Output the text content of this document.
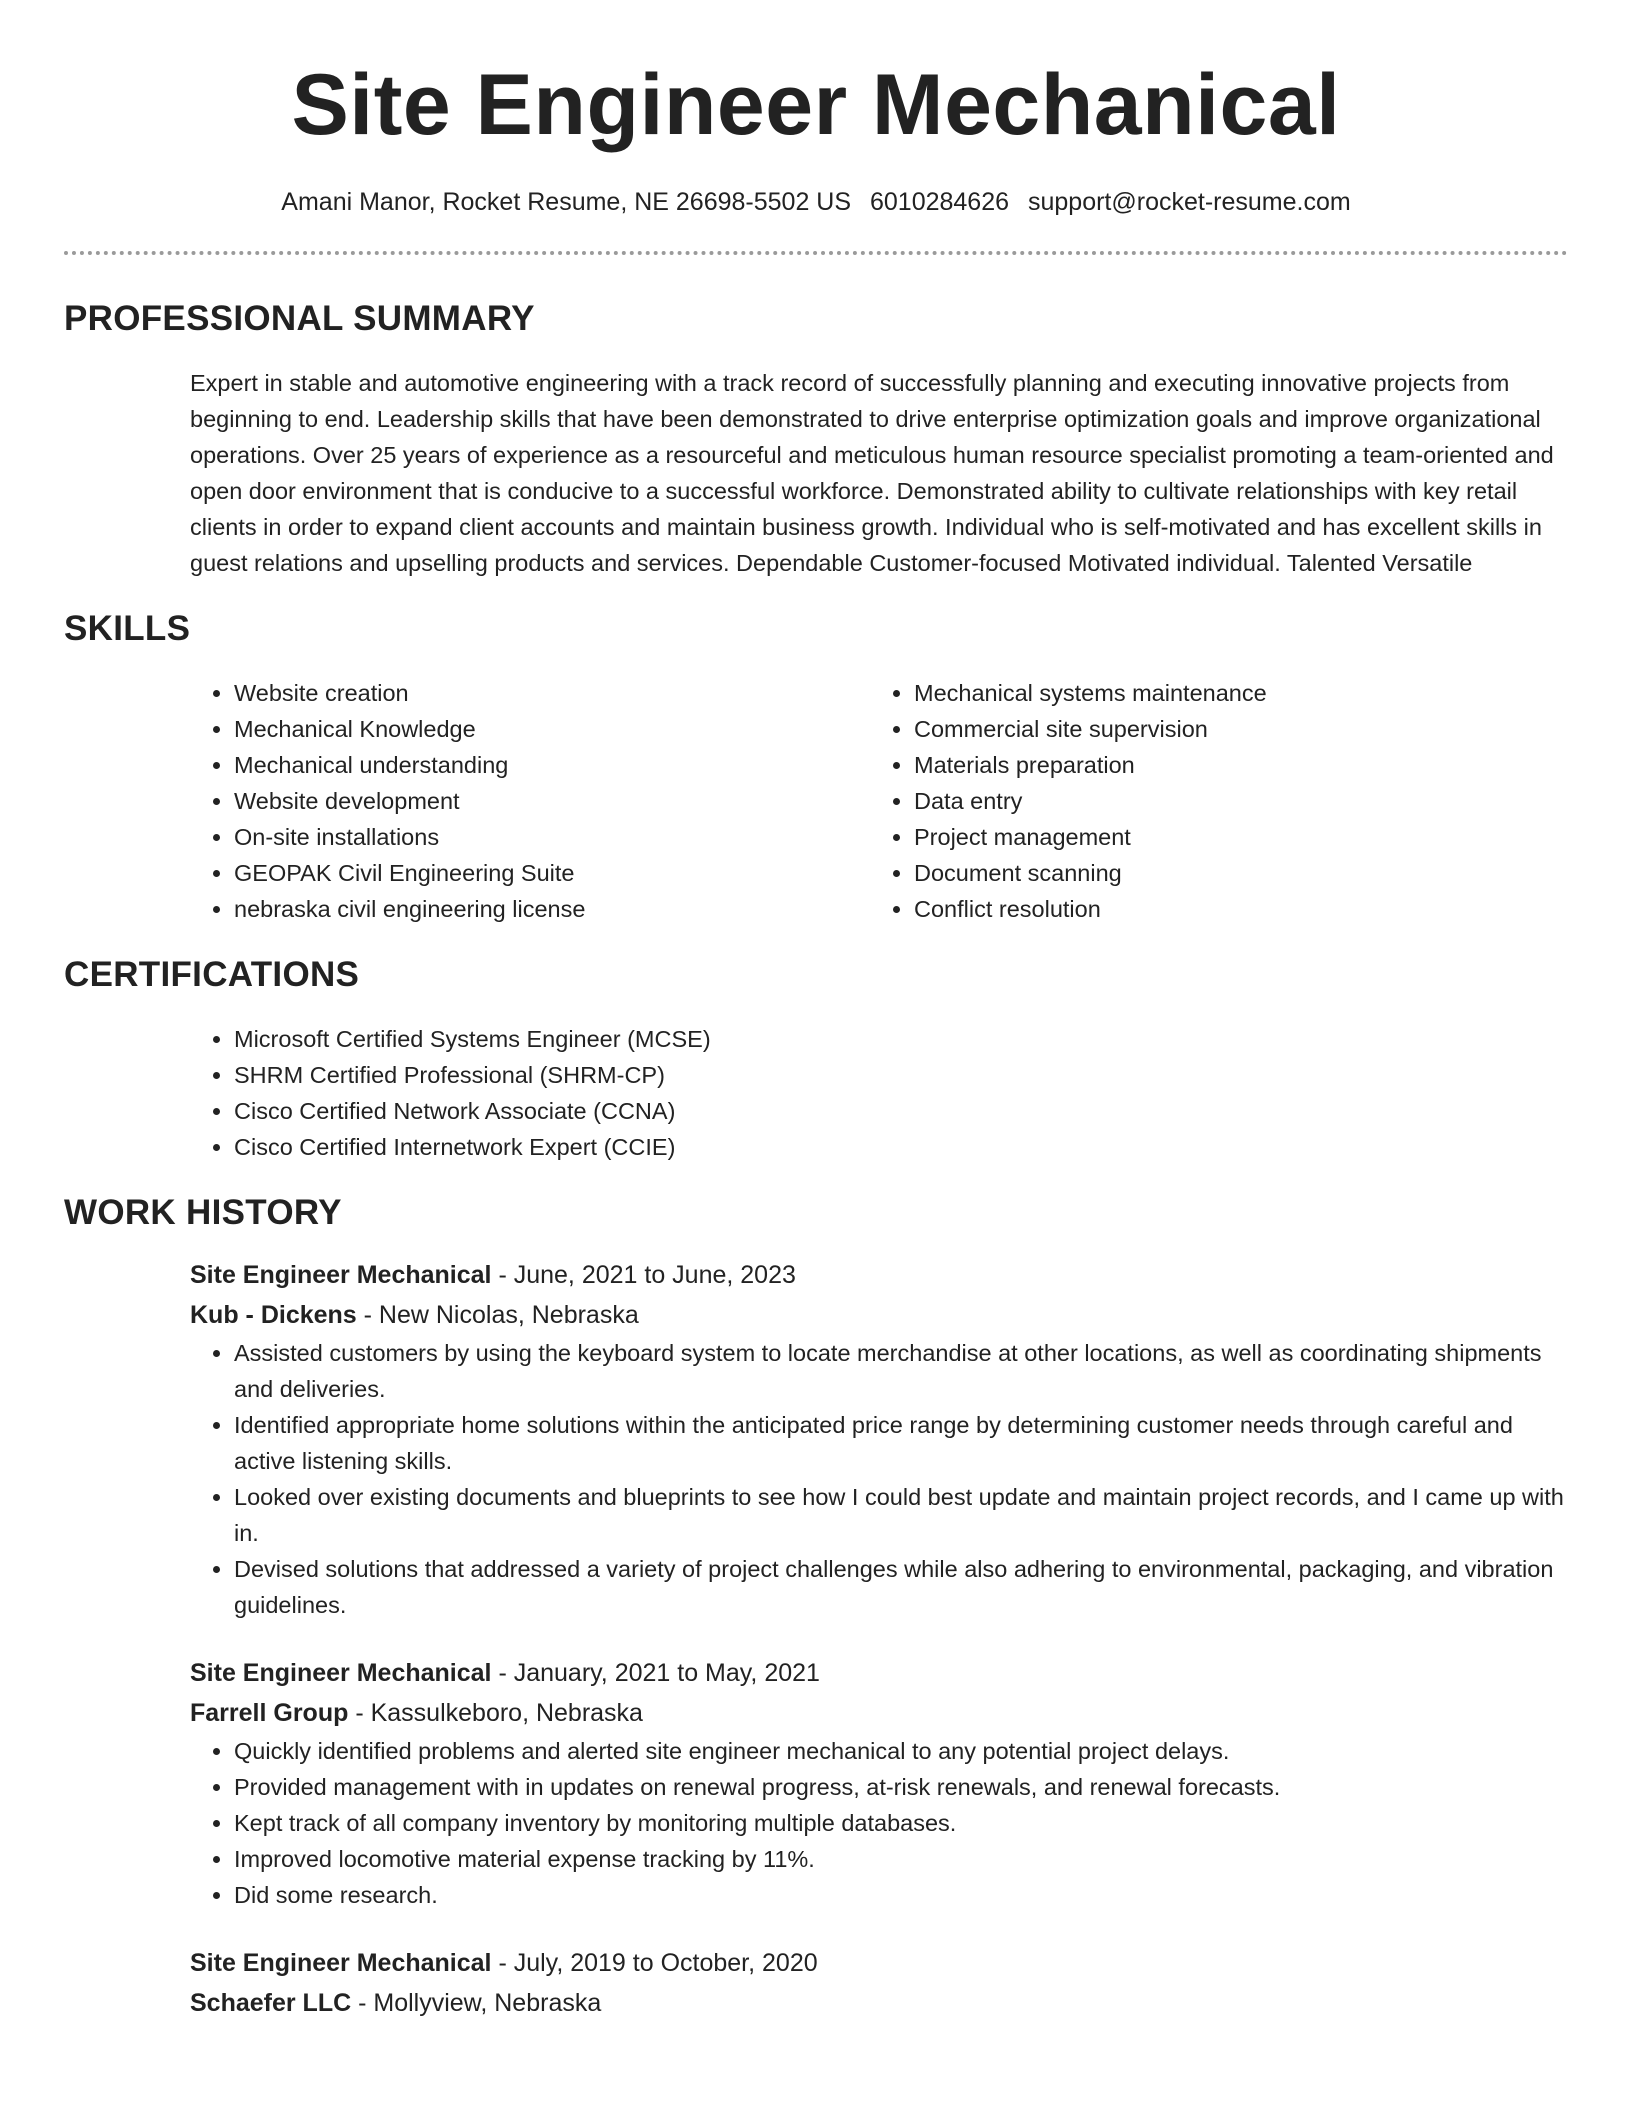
Site Engineer Mechanical
Amani Manor, Rocket Resume, NE 26698-5502 US 6010284626 support@rocket-resume.com
PROFESSIONAL SUMMARY

Expert in stable and automotive engineering with a track record of successfully planning and executing innovative projects from beginning to end. Leadership skills that have been demonstrated to drive enterprise optimization goals and improve organizational operations. Over 25 years of experience as a resourceful and meticulous human resource specialist promoting a team-oriented and open door environment that is conducive to a successful workforce. Demonstrated ability to cultivate relationships with key retail clients in order to expand client accounts and maintain business growth. Individual who is self-motivated and has excellent skills in guest relations and upselling products and services. Dependable Customer-focused Motivated individual. Talented Versatile

SKILLS
• Website creation
• Mechanical Knowledge
• Mechanical understanding
• Website development
• On-site installations
• GEOPAK Civil Engineering Suite
• nebraska civil engineering license
• Mechanical systems maintenance
• Commercial site supervision
• Materials preparation
• Data entry
• Project management
• Document scanning
• Conflict resolution
CERTIFICATIONS
• Microsoft Certified Systems Engineer (MCSE)
• SHRM Certified Professional (SHRM-CP)
• Cisco Certified Network Associate (CCNA)
• Cisco Certified Internetwork Expert (CCIE)
WORK HISTORY
Site Engineer Mechanical - June, 2021 to June, 2023
Kub - Dickens - New Nicolas, Nebraska
• Assisted customers by using the keyboard system to locate merchandise at other locations, as well as coordinating shipments and deliveries.
• Identified appropriate home solutions within the anticipated price range by determining customer needs through careful and active listening skills.
• Looked over existing documents and blueprints to see how I could best update and maintain project records, and I came up with in.
• Devised solutions that addressed a variety of project challenges while also adhering to environmental, packaging, and vibration guidelines.
Site Engineer Mechanical - January, 2021 to May, 2021
Farrell Group - Kassulkeboro, Nebraska
• Quickly identified problems and alerted site engineer mechanical to any potential project delays.
• Provided management with in updates on renewal progress, at-risk renewals, and renewal forecasts.
• Kept track of all company inventory by monitoring multiple databases.
• Improved locomotive material expense tracking by 11%.
• Did some research.
Site Engineer Mechanical - July, 2019 to October, 2020
Schaefer LLC - Mollyview, Nebraska
